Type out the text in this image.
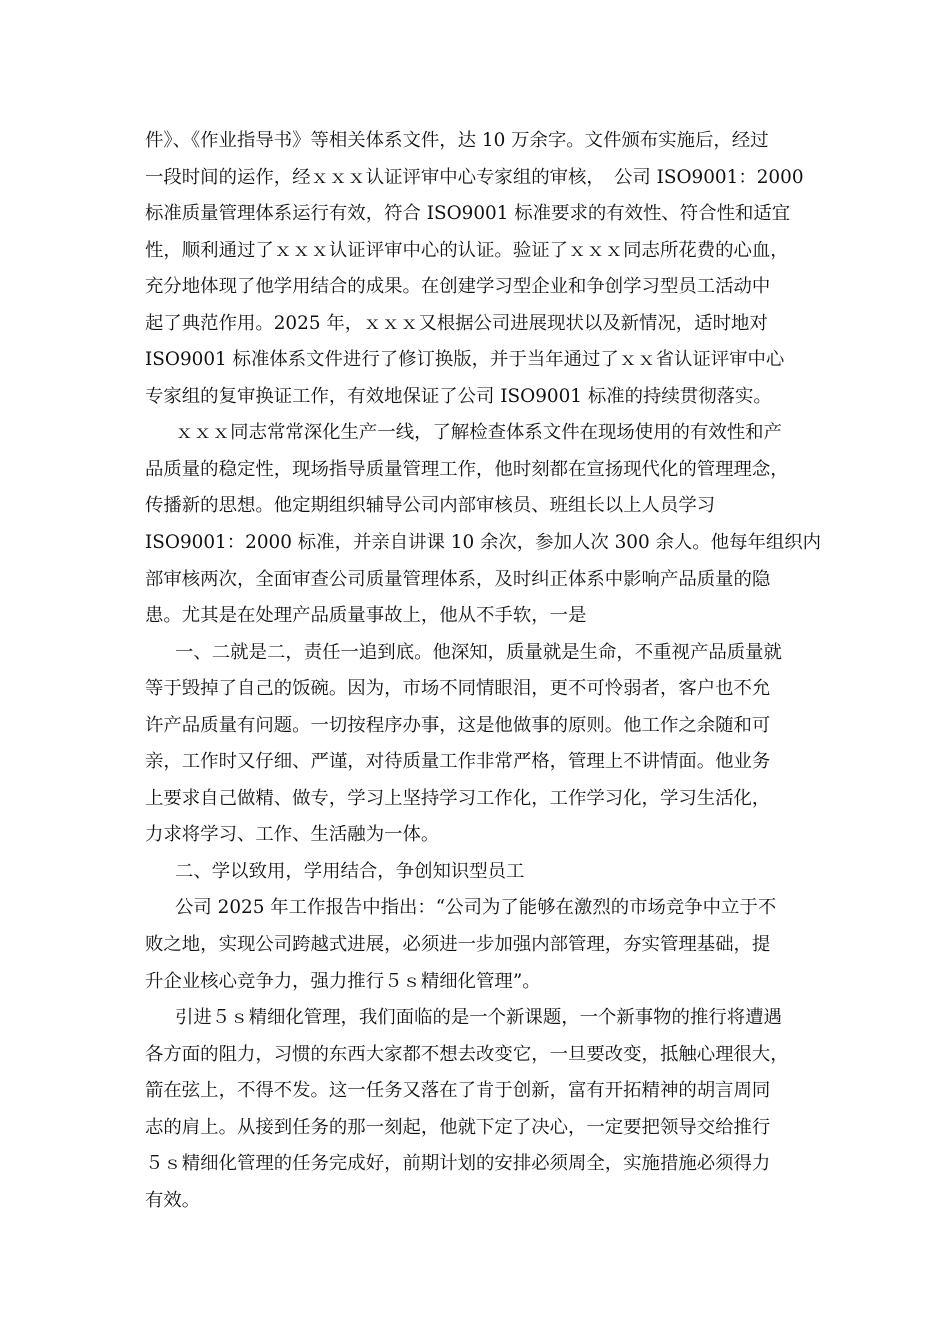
件》、《作业指导书》等相关体系文件，达 10 万余字。文件颁布实施后，经过
一段时间的运作，经ｘｘｘ认证评审中心专家组的审核，　公司 ISO9001：2000
标准质量管理体系运行有效，符合 ISO9001 标准要求的有效性、符合性和适宜
性，顺利通过了ｘｘｘ认证评审中心的认证。验证了ｘｘｘ同志所花费的心血，
充分地体现了他学用结合的成果。在创建学习型企业和争创学习型员工活动中
起了典范作用。2025 年，ｘｘｘ又根据公司进展现状以及新情况，适时地对
ISO9001 标准体系文件进行了修订换版，并于当年通过了ｘｘ省认证评审中心
专家组的复审换证工作，有效地保证了公司 ISO9001 标准的持续贯彻落实。
ｘｘｘ同志常常深化生产一线，了解检查体系文件在现场使用的有效性和产
品质量的稳定性，现场指导质量管理工作，他时刻都在宣扬现代化的管理理念，
传播新的思想。他定期组织辅导公司内部审核员、班组长以上人员学习
ISO9001：2000 标准，并亲自讲课 10 余次，参加人次 300 余人。他每年组织内
部审核两次，全面审查公司质量管理体系，及时纠正体系中影响产品质量的隐
患。尤其是在处理产品质量事故上，他从不手软，一是
一、二就是二，责任一追到底。他深知，质量就是生命，不重视产品质量就
等于毁掉了自己的饭碗。因为，市场不同情眼泪，更不可怜弱者，客户也不允
许产品质量有问题。一切按程序办事，这是他做事的原则。他工作之余随和可
亲，工作时又仔细、严谨，对待质量工作非常严格，管理上不讲情面。他业务
上要求自己做精、做专，学习上坚持学习工作化，工作学习化，学习生活化，
力求将学习、工作、生活融为一体。
二、学以致用，学用结合，争创知识型员工
公司 2025 年工作报告中指出：“公司为了能够在激烈的市场竞争中立于不
败之地，实现公司跨越式进展，必须进一步加强内部管理，夯实管理基础，提
升企业核心竞争力，强力推行５ｓ精细化管理”。
引进５ｓ精细化管理，我们面临的是一个新课题，一个新事物的推行将遭遇
各方面的阻力，习惯的东西大家都不想去改变它，一旦要改变，抵触心理很大，
箭在弦上，不得不发。这一任务又落在了肯于创新，富有开拓精神的胡言周同
志的肩上。从接到任务的那一刻起，他就下定了决心，一定要把领导交给推行
５ｓ精细化管理的任务完成好，前期计划的安排必须周全，实施措施必须得力
有效。
